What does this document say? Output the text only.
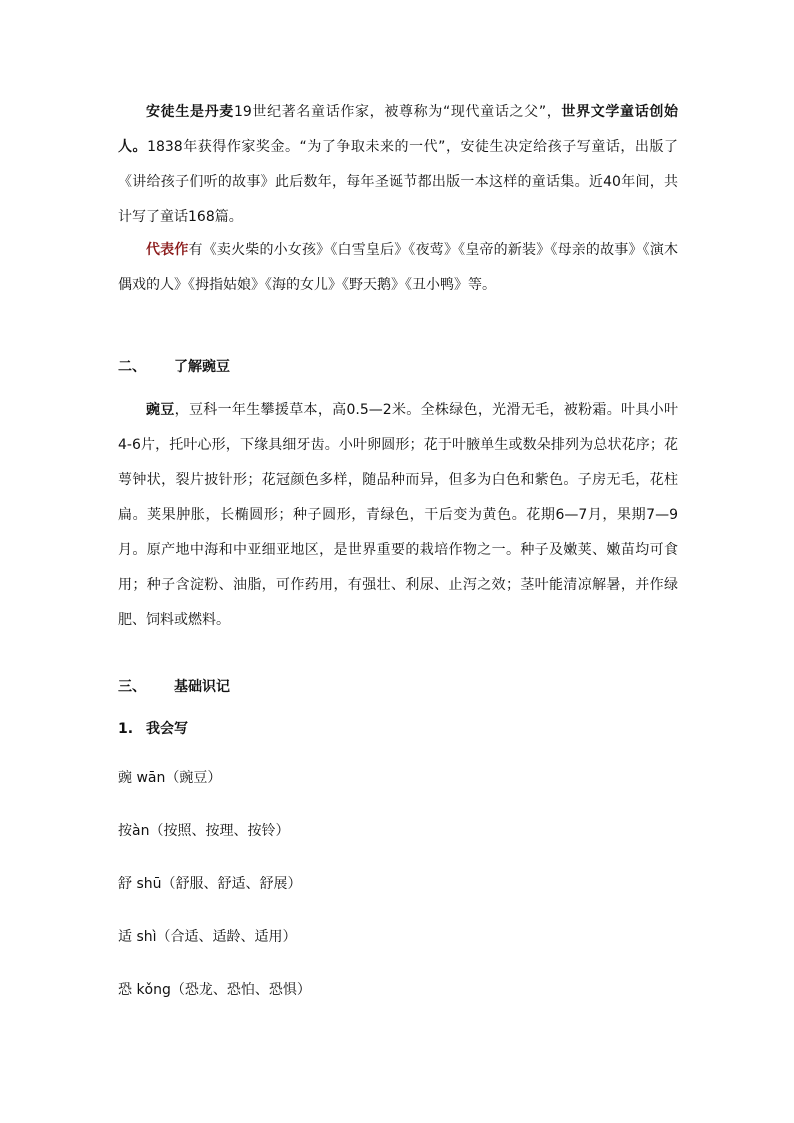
安徒生是丹麦19世纪著名童话作家，被尊称为“现代童话之父”，世界文学童话创始人。1838年获得作家奖金。“为了争取未来的一代”，安徒生决定给孩子写童话，出版了《讲给孩子们听的故事》此后数年，每年圣诞节都出版一本这样的童话集。近40年间，共计写了童话168篇。

代表作有《卖火柴的小女孩》《白雪皇后》《夜莺》《皇帝的新装》《母亲的故事》《演木偶戏的人》《拇指姑娘》《海的女儿》《野天鹅》《丑小鸭》等。

二、 了解豌豆

豌豆，豆科一年生攀援草本，高0.5—2米。全株绿色，光滑无毛，被粉霜。叶具小叶4-6片，托叶心形，下缘具细牙齿。小叶卵圆形；花于叶腋单生或数朵排列为总状花序；花萼钟状，裂片披针形；花冠颜色多样，随品种而异，但多为白色和紫色。子房无毛，花柱扁。荚果肿胀，长椭圆形；种子圆形，青绿色，干后变为黄色。花期6—7月，果期7—9月。原产地中海和中亚细亚地区，是世界重要的栽培作物之一。种子及嫩荚、嫩苗均可食用；种子含淀粉、油脂，可作药用，有强壮、利尿、止泻之效；茎叶能清凉解暑，并作绿肥、饲料或燃料。

三、 基础识记

1. 我会写

豌 wān（豌豆）

按àn（按照、按理、按铃）

舒 shū（舒服、舒适、舒展）

适 shì（合适、适龄、适用）

恐 kǒng（恐龙、恐怕、恐惧）
